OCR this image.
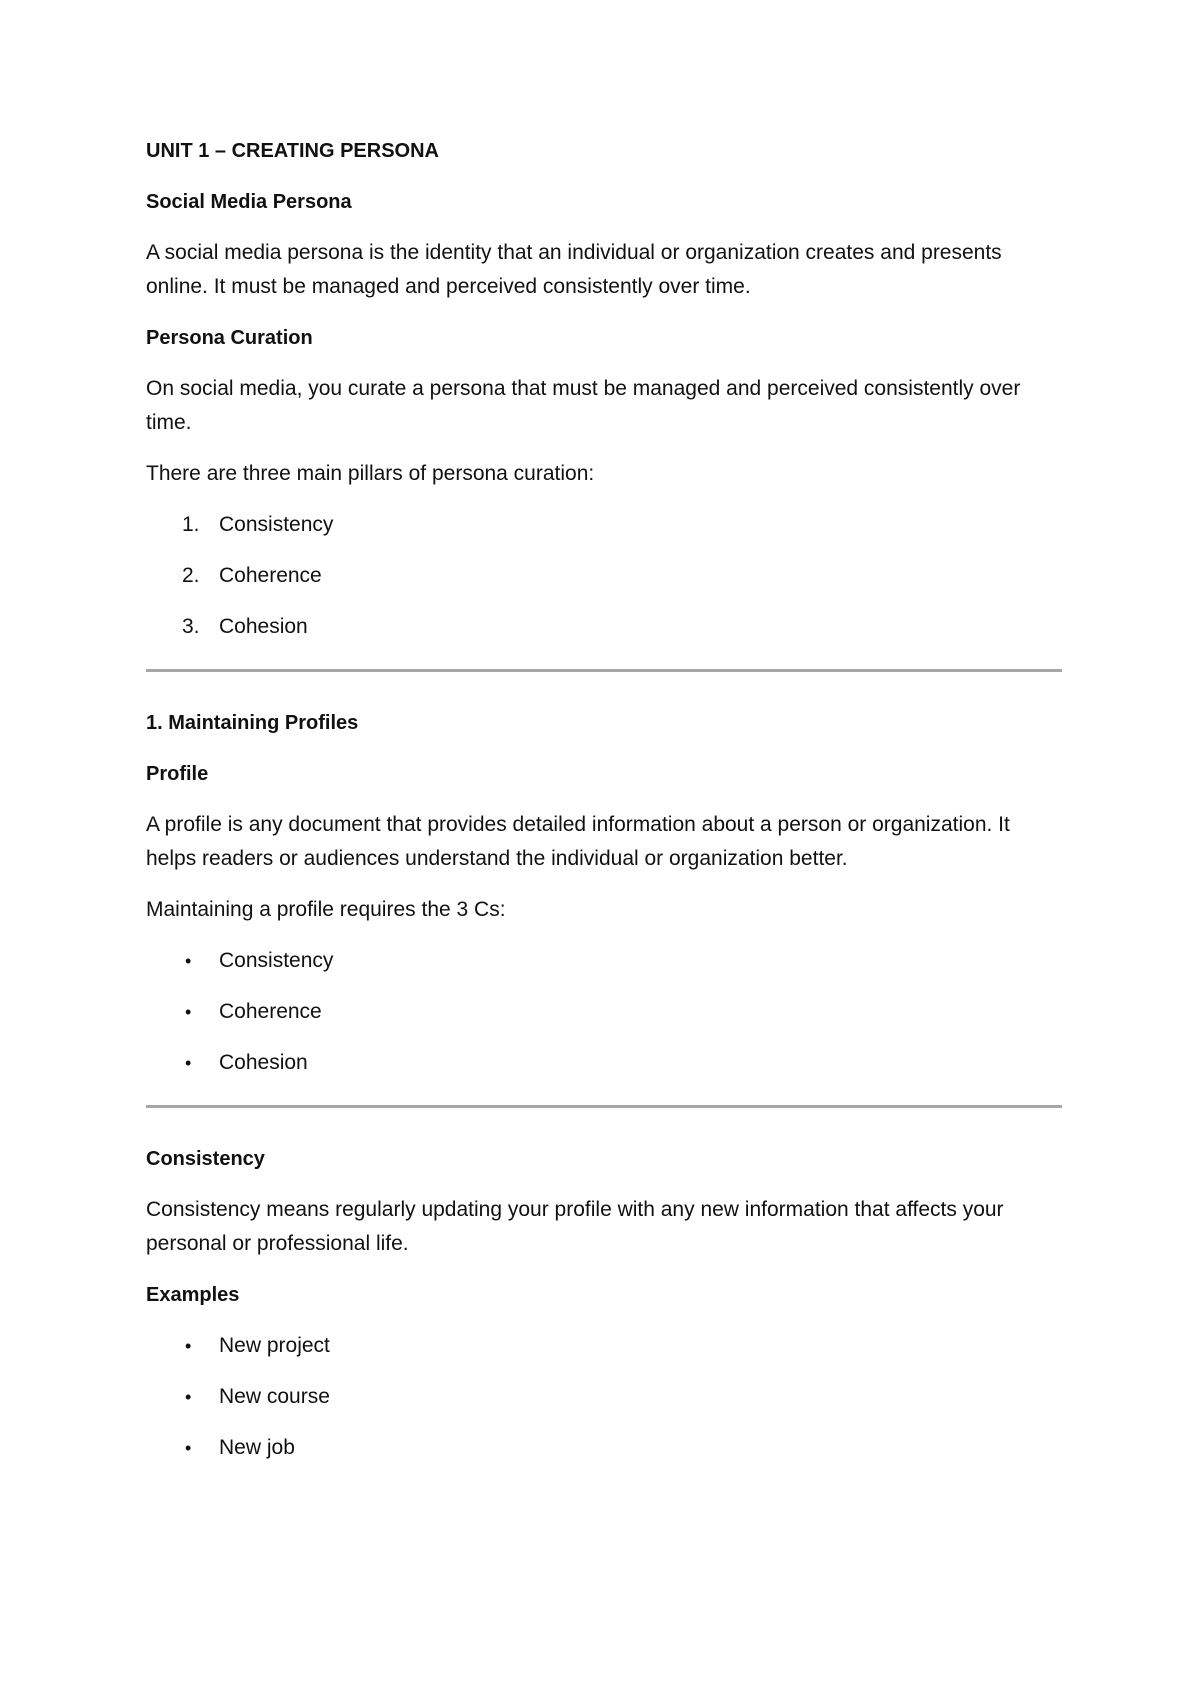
UNIT 1 – CREATING PERSONA

Social Media Persona

A social media persona is the identity that an individual or organization creates and presents online. It must be managed and perceived consistently over time.

Persona Curation

On social media, you curate a persona that must be managed and perceived consistently over time.

There are three main pillars of persona curation:

1. Consistency
2. Coherence
3. Cohesion

1. Maintaining Profiles

Profile

A profile is any document that provides detailed information about a person or organization. It helps readers or audiences understand the individual or organization better.

Maintaining a profile requires the 3 Cs:

•	Consistency
•	Coherence
•	Cohesion

Consistency

Consistency means regularly updating your profile with any new information that affects your personal or professional life.

Examples

•	New project
•	New course
•	New job
